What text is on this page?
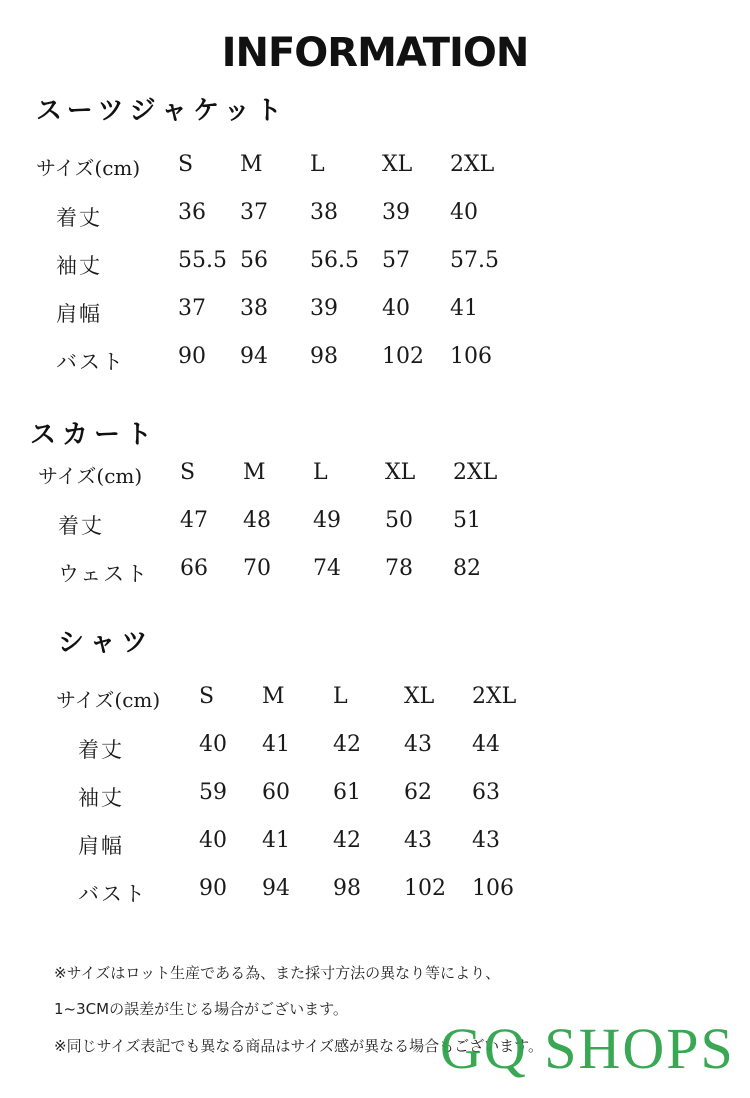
INFORMATION
スーツジャケット
サイズ(cm) S M L	XL 2XL
着丈	36 37 38 39 40
袖丈	55.5 56 56.5 57 57.5
肩幅	37 38 39 40 41
バスト 90 94 98 102 106
スカート
サイズ(cm) S M L	XL 2XL
着丈	47 48 49 50 51
ウェスト 66 70 74 78 82
シャツ
サイズ(cm) S M L	XL 2XL
着丈	40 41 42 43 44
袖丈	59 60 61 62 63
肩幅	40 41 42 43 43
バスト 90 94 98 102 106
※サイズはロット生産である為、また採寸方法の異なり等により、
1~3CMの誤差が生じる場合がございます。
※同じサイズ表記でも異なる商品はサイズ感が異なる場合もございます。
GQ SHOPS
